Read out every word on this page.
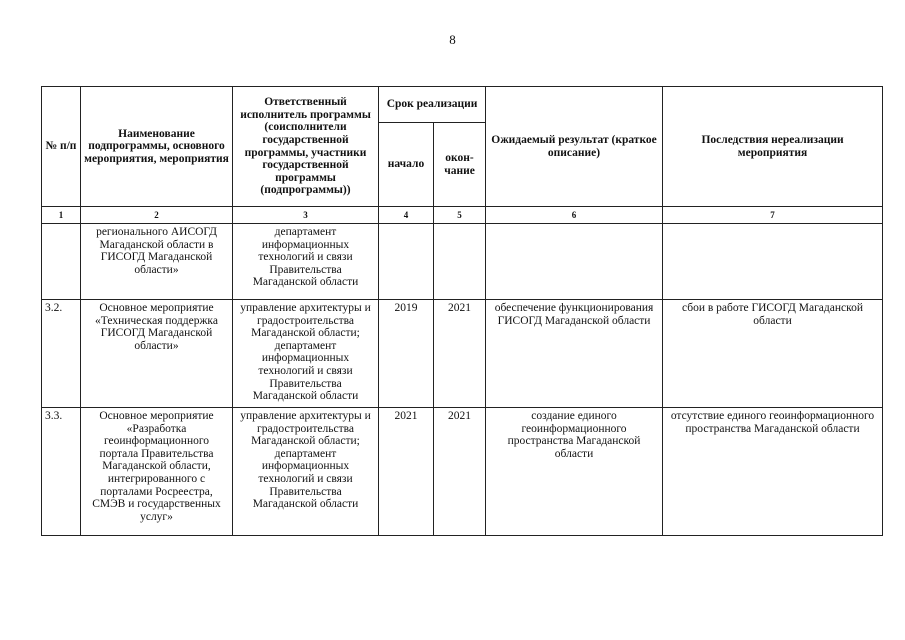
8
№ п/п	Наименование подпрограммы, основного мероприятия, мероприятия	Ответственный исполнитель программы (соисполнители государственной программы, участники государственной программы (подпрограммы))	Срок реализации		Ожидаемый результат (краткое описание)	Последствия нереализации мероприятия
			начало	окон-чание		
1	2	3	4	5	6	7
	регионального АИСОГД Магаданской области в ГИСОГД Магаданской области»	департамент информационных технологий и связи Правительства Магаданской области				
3.2.	Основное мероприятие «Техническая поддержка ГИСОГД Магаданской области»	управление архитектуры и градостроительства Магаданской области; департамент информационных технологий и связи Правительства Магаданской области	2019	2021	обеспечение функционирования ГИСОГД Магаданской области	сбои в работе ГИСОГД Магаданской области
3.3.	Основное мероприятие «Разработка геоинформационного портала Правительства Магаданской области, интегрированного с порталами Росреестра, СМЭВ и государственных услуг»	управление архитектуры и градостроительства Магаданской области; департамент информационных технологий и связи Правительства Магаданской области	2021	2021	создание единого геоинформационного пространства Магаданской области	отсутствие единого геоинформационного пространства Магаданской области
